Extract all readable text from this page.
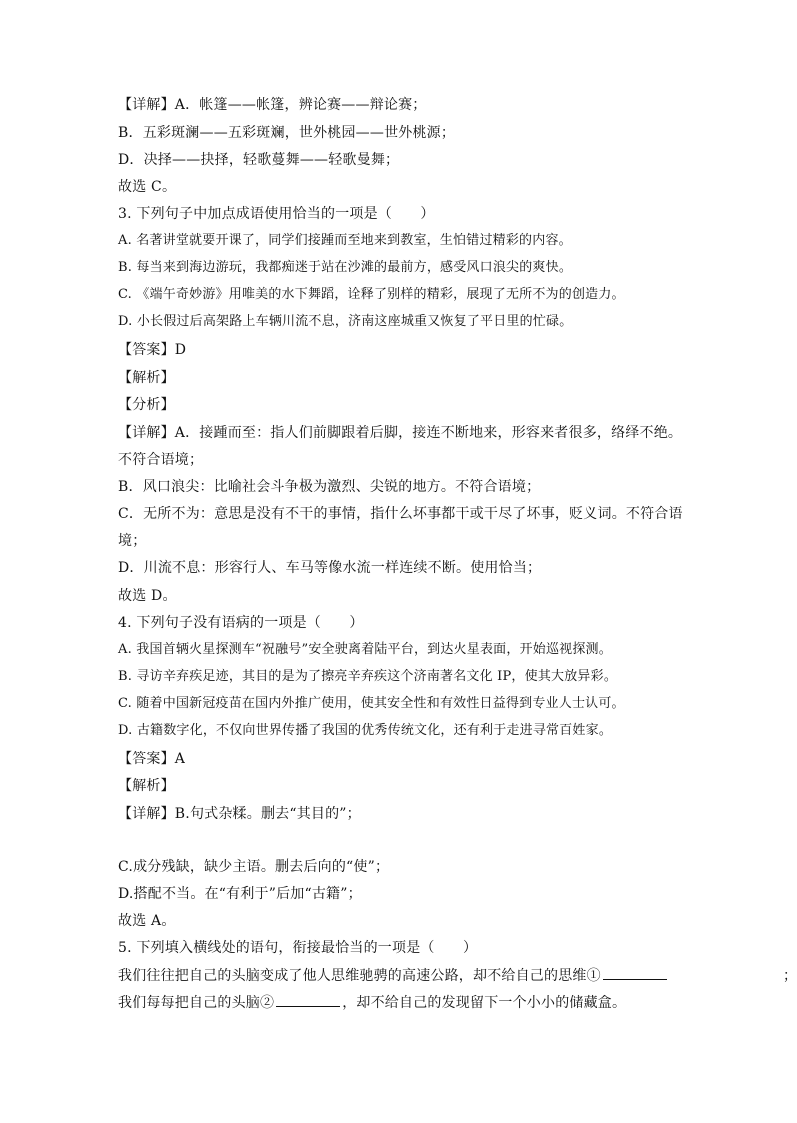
【详解】A．帐篷——帐篷，辨论赛——辩论赛；
B．五彩斑澜——五彩斑斓，世外桃园——世外桃源；
D．决择——抉择，轻歌蔓舞——轻歌曼舞；
故选 C。
3. 下列句子中加点成语使用恰当的一项是（　　）
A. 名著讲堂就要开课了，同学们接踵而至地来到教室，生怕错过精彩的内容。
B. 每当来到海边游玩，我都痴迷于站在沙滩的最前方，感受风口浪尖的爽快。
C. 《端午奇妙游》用唯美的水下舞蹈，诠释了别样的精彩，展现了无所不为的创造力。
D. 小长假过后高架路上车辆川流不息，济南这座城重又恢复了平日里的忙碌。
【答案】D
【解析】
【分析】
【详解】A．接踵而至：指人们前脚跟着后脚，接连不断地来，形容来者很多，络绎不绝。
不符合语境；
B．风口浪尖：比喻社会斗争极为激烈、尖锐的地方。不符合语境；
C．无所不为：意思是没有不干的事情，指什么坏事都干或干尽了坏事，贬义词。不符合语
境；
D．川流不息：形容行人、车马等像水流一样连续不断。使用恰当；
故选 D。
4. 下列句子没有语病的一项是（　　）
A. 我国首辆火星探测车“祝融号”安全驶离着陆平台，到达火星表面，开始巡视探测。
B. 寻访辛弃疾足迹，其目的是为了擦亮辛弃疾这个济南著名文化 IP，使其大放异彩。
C. 随着中国新冠疫苗在国内外推广使用，使其安全性和有效性日益得到专业人士认可。
D. 古籍数字化，不仅向世界传播了我国的优秀传统文化，还有利于走进寻常百姓家。
【答案】A
【解析】
【详解】B.句式杂糅。删去“其目的”；
C.成分残缺，缺少主语。删去后向的“使”；
D.搭配不当。在“有利于”后加“古籍”；
故选 A。
5. 下列填入横线处的语句，衔接最恰当的一项是（　　）
我们往往把自己的头脑变成了他人思维驰骋的高速公路，却不给自己的思维①	；
我们每每把自己的头脑②	，却不给自己的发现留下一个小小的储藏盒。
